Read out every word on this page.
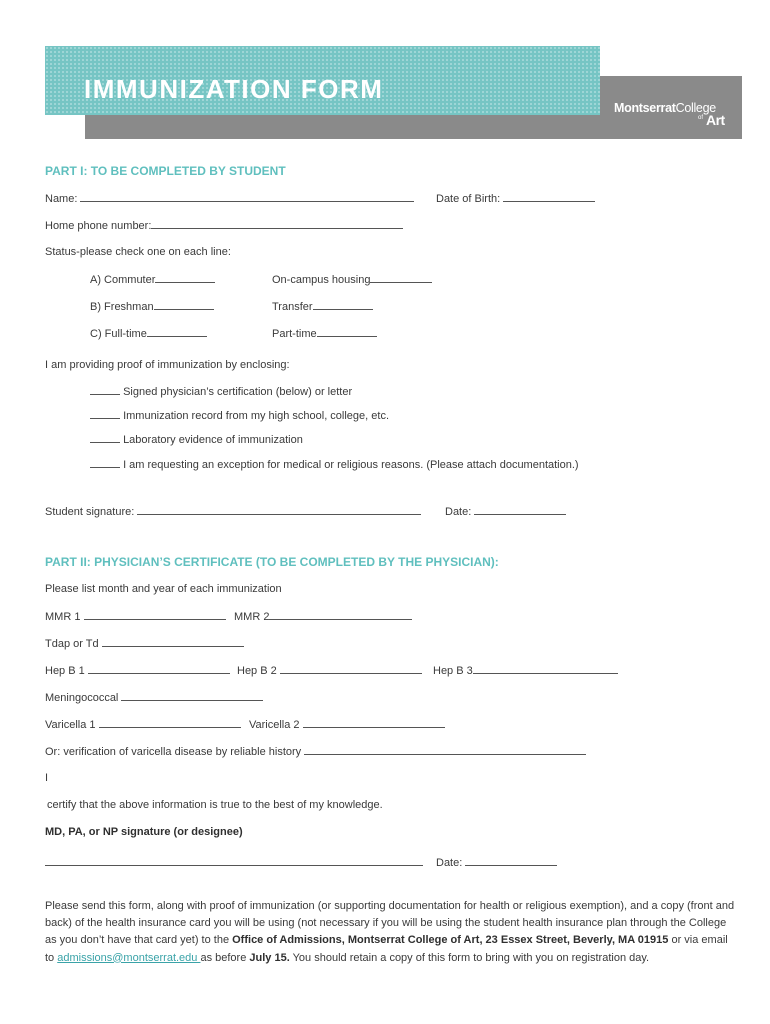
IMMUNIZATION FORM
MontserratCollege
of Art
PART I: TO BE COMPLETED BY STUDENT
Name:	Date of Birth:
Home phone number:
Status-please check one on each line:
A) Commuter	On-campus housing
B) Freshman	Transfer
C) Full-time	Part-time
I am providing proof of immunization by enclosing:
Signed physician’s certification (below) or letter
Immunization record from my high school, college, etc.
Laboratory evidence of immunization
I am requesting an exception for medical or religious reasons. (Please attach documentation.)
Student signature:	Date:
PART II: PHYSICIAN’S CERTIFICATE (TO BE COMPLETED BY THE PHYSICIAN):
Please list month and year of each immunization
MMR 1	MMR 2
Tdap or Td
Hep B 1	Hep B 2	Hep B 3
Meningococcal
Varicella 1	Varicella 2
Or: verification of varicella disease by reliable history
I
certify that the above information is true to the best of my knowledge.
MD, PA, or NP signature (or designee)
Date:
Please send this form, along with proof of immunization (or supporting documentation for health or religious exemption), and a copy (front and back) of the health insurance card you will be using (not necessary if you will be using the student health insurance plan through the College as you don’t have that card yet) to the Office of Admissions, Montserrat College of Art, 23 Essex Street, Beverly, MA 01915 or via email to admissions@montserrat.edu as before July 15. You should retain a copy of this form to bring with you on registration day.
